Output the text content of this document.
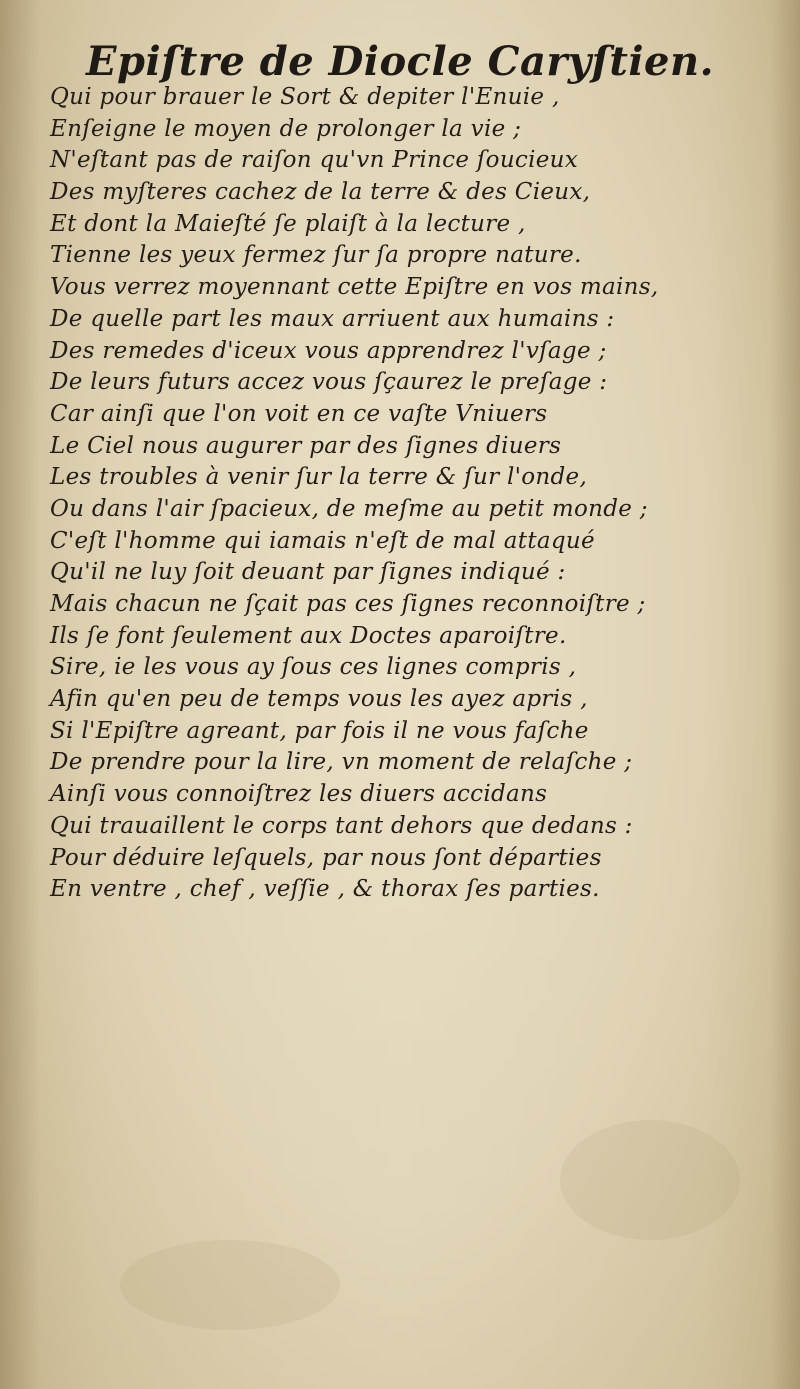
Epiſtre de Diocle Caryſtien.
Qui pour brauer le Sort & depiter l'Enuie ,
Enſeigne le moyen de prolonger la vie ;
N'eſtant pas de raiſon qu'vn Prince ſoucieux
Des myſteres cachez de la terre & des Cieux,
Et dont la Maieſté ſe plaiſt à la lecture ,
Tienne les yeux fermez ſur ſa propre nature.
Vous verrez moyennant cette Epiſtre en vos mains,
De quelle part les maux arriuent aux humains :
Des remedes d'iceux vous apprendrez l'vſage ;
De leurs futurs accez vous ſçaurez le preſage :
Car ainſi que l'on voit en ce vaſte Vniuers
Le Ciel nous augurer par des ſignes diuers
Les troubles à venir ſur la terre & ſur l'onde,
Ou dans l'air ſpacieux, de meſme au petit monde ;
C'eſt l'homme qui iamais n'eſt de mal attaqué
Qu'il ne luy ſoit deuant par ſignes indiqué :
Mais chacun ne ſçait pas ces ſignes reconnoiſtre ;
Ils ſe font ſeulement aux Doctes aparoiſtre.
Sire, ie les vous ay ſous ces lignes compris ,
Afin qu'en peu de temps vous les ayez apris ,
Si l'Epiſtre agreant, par fois il ne vous faſche
De prendre pour la lire, vn moment de relaſche ;
Ainſi vous connoiſtrez les diuers accidans
Qui trauaillent le corps tant dehors que dedans :
Pour déduire leſquels, par nous ſont départies
En ventre , chef , veſſie , & thorax ſes parties.
